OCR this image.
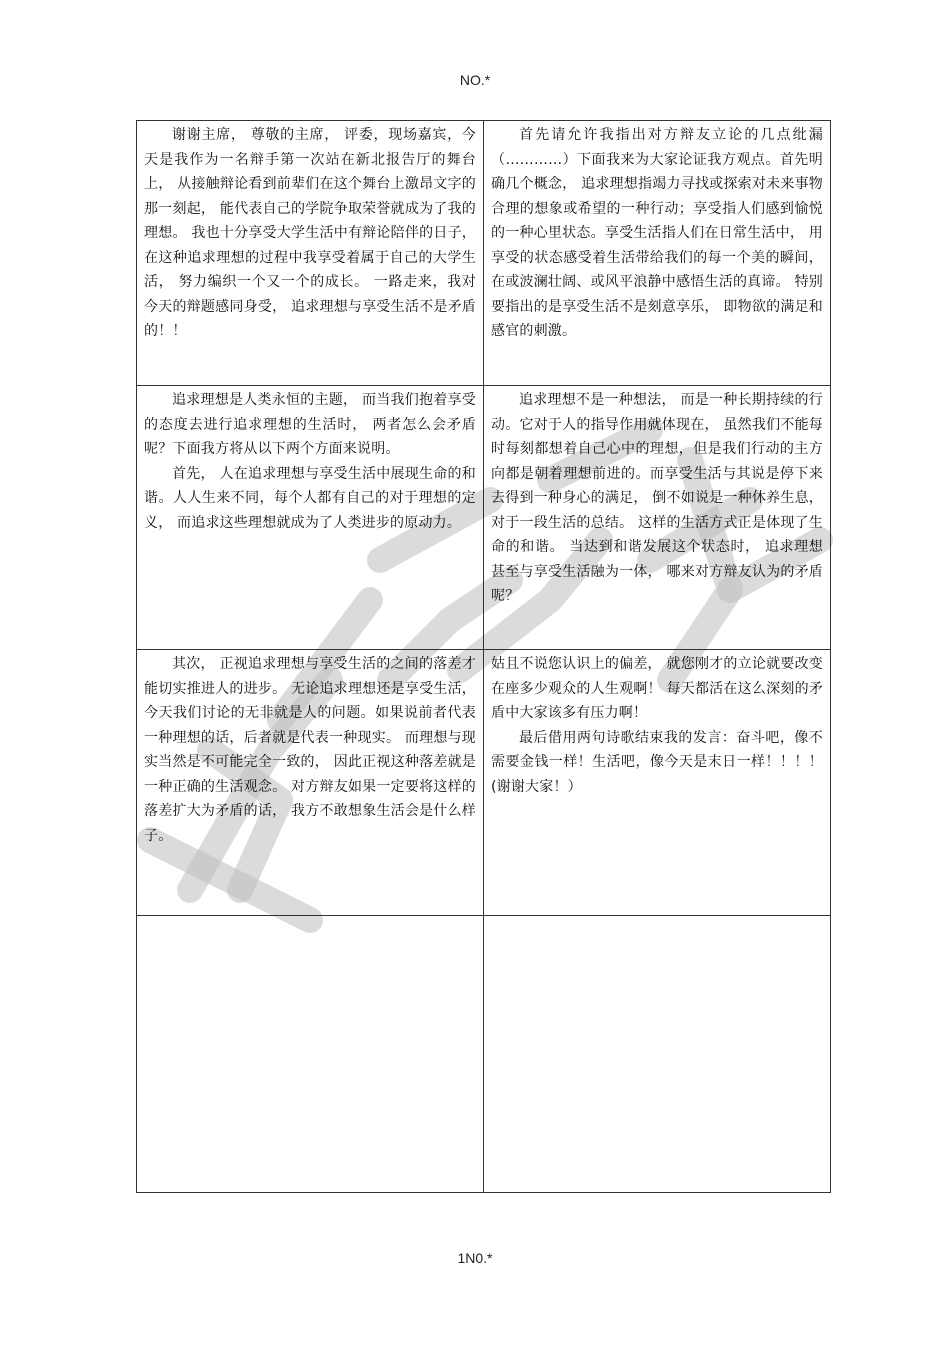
NO.*

谢谢主席， 尊敬的主席， 评委，现场嘉宾，今天是我作为一名辩手第一次站在新北报告厅的舞台上， 从接触辩论看到前辈们在这个舞台上激昂文字的那一刻起， 能代表自己的学院争取荣誉就成为了我的理想。 我也十分享受大学生活中有辩论陪伴的日子， 在这种追求理想的过程中我享受着属于自己的大学生活， 努力编织一个又一个的成长。 一路走来，我对今天的辩题感同身受， 追求理想与享受生活不是矛盾的！！	首先请允许我指出对方辩友立论的几点纰漏（…………）下面我来为大家论证我方观点。首先明确几个概念， 追求理想指竭力寻找或探索对未来事物合理的想象或希望的一种行动；享受指人们感到愉悦的一种心里状态。享受生活指人们在日常生活中， 用享受的状态感受着生活带给我们的每一个美的瞬间， 在或波澜壮阔、或风平浪静中感悟生活的真谛。 特别要指出的是享受生活不是刻意享乐， 即物欲的满足和感官的刺激。

追求理想是人类永恒的主题， 而当我们抱着享受的态度去进行追求理想的生活时， 两者怎么会矛盾呢？下面我方将从以下两个方面来说明。

首先， 人在追求理想与享受生活中展现生命的和谐。人人生来不同，每个人都有自己的对于理想的定义， 而追求这些理想就成为了人类进步的原动力。	追求理想不是一种想法， 而是一种长期持续的行动。它对于人的指导作用就体现在， 虽然我们不能每时每刻都想着自己心中的理想，但是我们行动的主方向都是朝着理想前进的。而享受生活与其说是停下来去得到一种身心的满足， 倒不如说是一种休养生息，对于一段生活的总结。 这样的生活方式正是体现了生命的和谐。 当达到和谐发展这个状态时， 追求理想甚至与享受生活融为一体， 哪来对方辩友认为的矛盾呢？

其次， 正视追求理想与享受生活的之间的落差才能切实推进人的进步。 无论追求理想还是享受生活， 今天我们讨论的无非就是人的问题。如果说前者代表一种理想的话，后者就是代表一种现实。 而理想与现实当然是不可能完全一致的， 因此正视这种落差就是一种正确的生活观念。 对方辩友如果一定要将这样的落差扩大为矛盾的话， 我方不敢想象生活会是什么样子。	姑且不说您认识上的偏差， 就您刚才的立论就要改变在座多少观众的人生观啊！ 每天都活在这么深刻的矛盾中大家该多有压力啊！

最后借用两句诗歌结束我的发言：奋斗吧，像不需要金钱一样！生活吧，像今天是末日一样！！！！(谢谢大家！）

1N0.*
